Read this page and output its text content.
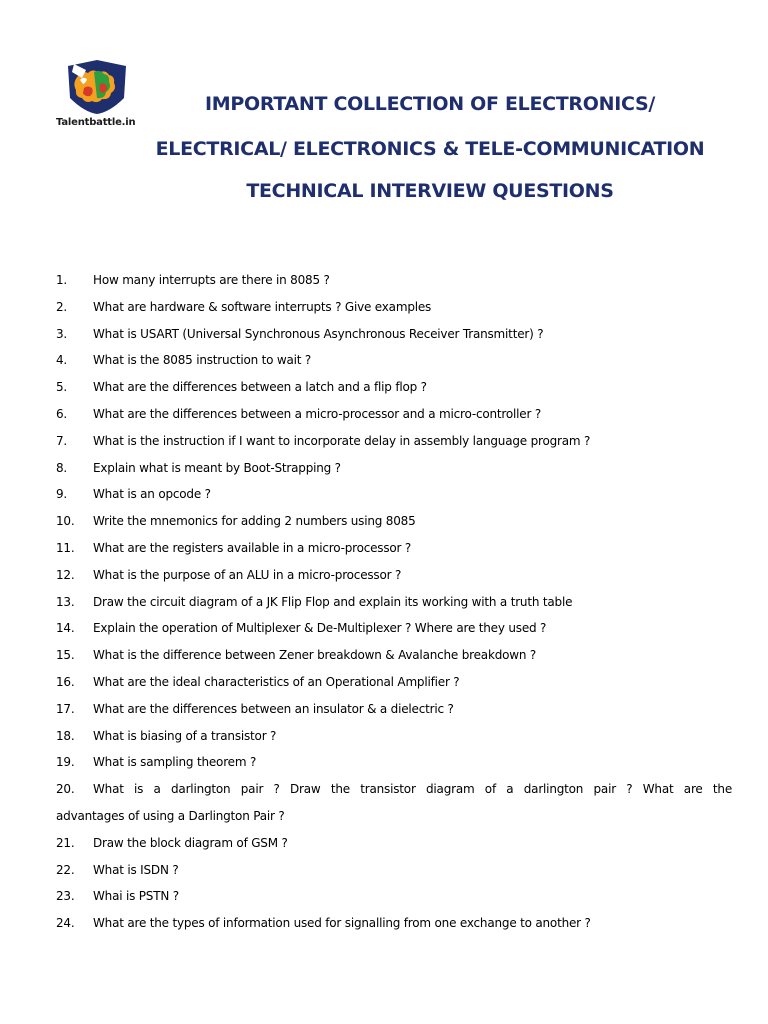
Talentbattle.in
IMPORTANT COLLECTION OF ELECTRONICS/
ELECTRICAL/ ELECTRONICS & TELE-COMMUNICATION
TECHNICAL INTERVIEW QUESTIONS
1. How many interrupts are there in 8085 ?
2. What are hardware & software interrupts ? Give examples
3. What is USART (Universal Synchronous Asynchronous Receiver Transmitter) ?
4. What is the 8085 instruction to wait ?
5. What are the differences between a latch and a flip flop ?
6. What are the differences between a micro-processor and a micro-controller ?
7. What is the instruction if I want to incorporate delay in assembly language program ?
8. Explain what is meant by Boot-Strapping ?
9. What is an opcode ?
10. Write the mnemonics for adding 2 numbers using 8085
11. What are the registers available in a micro-processor ?
12. What is the purpose of an ALU in a micro-processor ?
13. Draw the circuit diagram of a JK Flip Flop and explain its working with a truth table
14. Explain the operation of Multiplexer & De-Multiplexer ? Where are they used ?
15. What is the difference between Zener breakdown & Avalanche breakdown ?
16. What are the ideal characteristics of an Operational Amplifier ?
17. What are the differences between an insulator & a dielectric ?
18. What is biasing of a transistor ?
19. What is sampling theorem ?
20. What is a darlington pair ? Draw the transistor diagram of a darlington pair ? What are the
advantages of using a Darlington Pair ?
21. Draw the block diagram of GSM ?
22. What is ISDN ?
23. Whai is PSTN ?
24. What are the types of information used for signalling from one exchange to another ?
